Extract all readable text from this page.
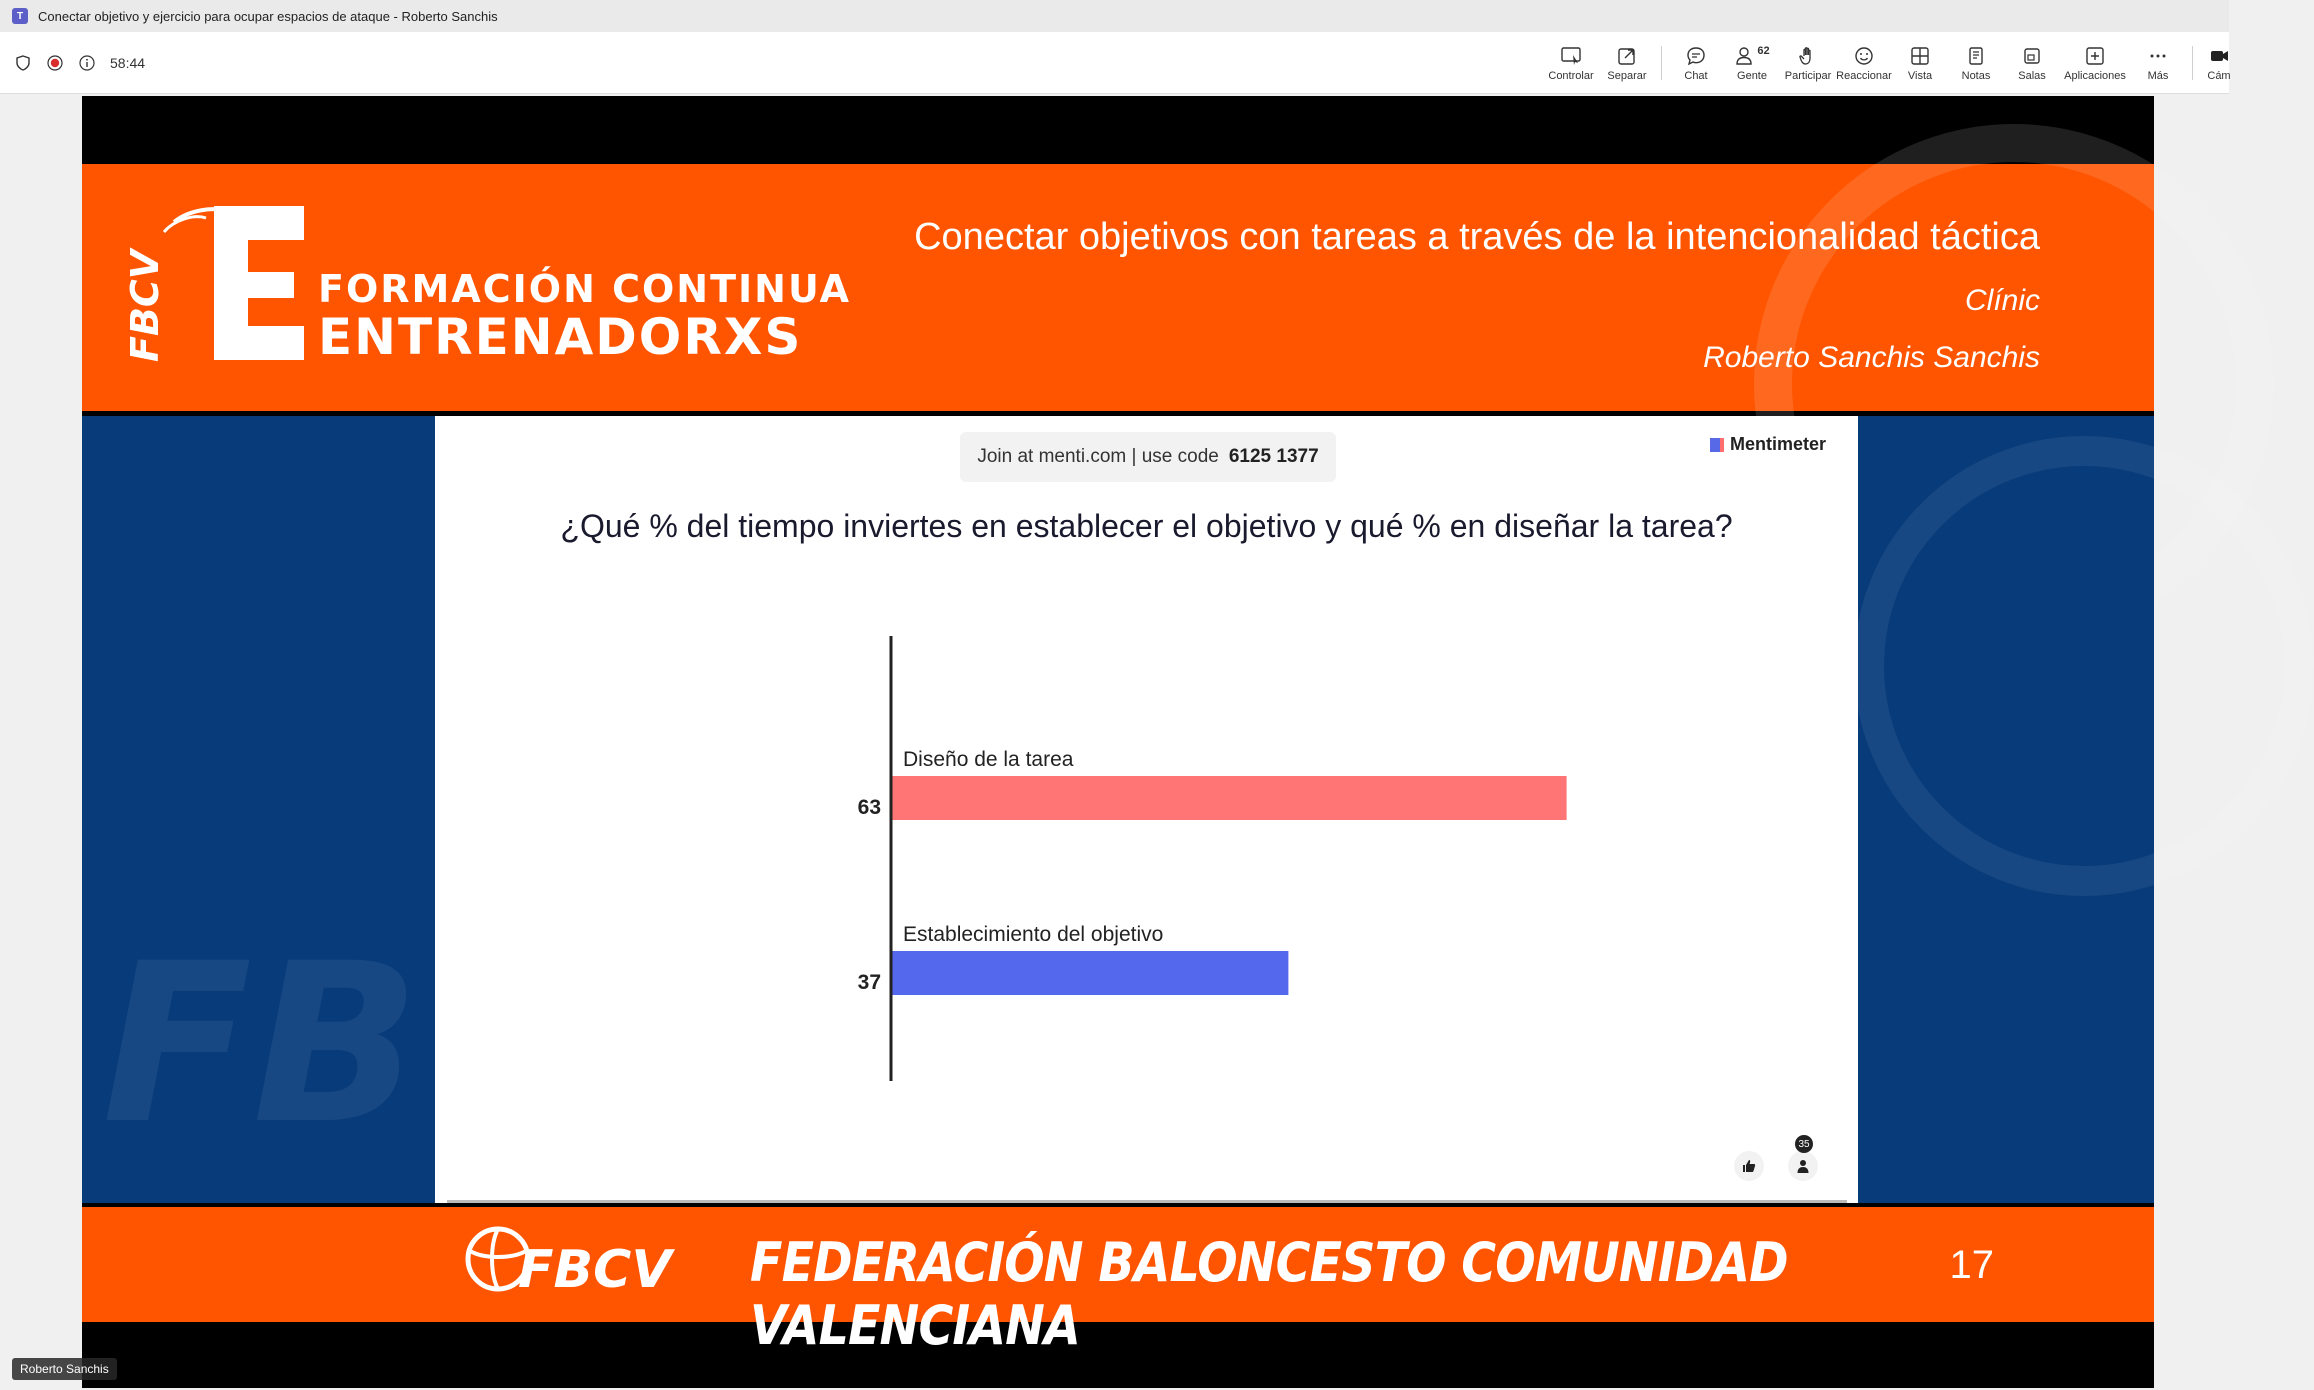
T	Conectar objetivo y ejercicio para ocupar espacios de ataque - Roberto Sanchis
58:44
Controlar Separar	Chat
62
Gente Participar Reaccionar Vista	Notas	Salas Aplicaciones Más	Cám
FBCV	FORMACIÓN CONTINUA
ENTRENADORXS
Conectar objetivos con tareas a través de la intencionalidad táctica
Clínic
Roberto Sanchis Sanchis
FB
Join at menti.com | use code 6125 1377
Mentimeter
¿Qué % del tiempo inviertes en establecer el objetivo y qué % en diseñar la tarea?
Diseño de la tarea
63
Establecimiento del objetivo
37
35
FBCV FEDERACIÓN BALONCESTO COMUNIDAD VALENCIANA
17
Roberto Sanchis
